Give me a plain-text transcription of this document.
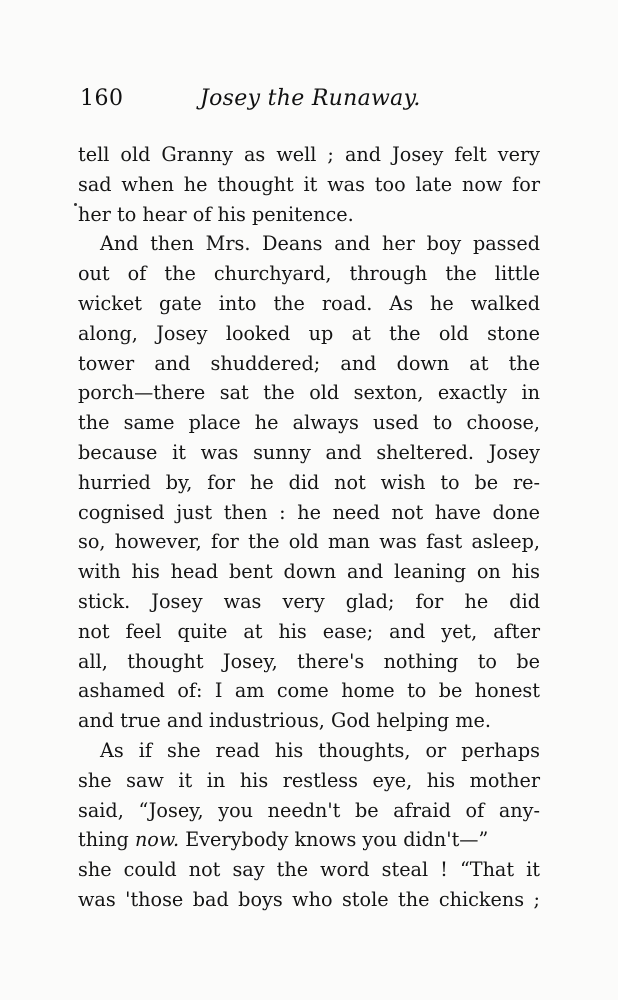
160	Josey the Runaway.
tell old Granny as well ; and Josey felt very
sad when he thought it was too late now for
her to hear of his penitence.
And then Mrs. Deans and her boy passed
out of the churchyard, through the little
wicket gate into the road. As he walked
along, Josey looked up at the old stone
tower and shuddered; and down at the
porch—there sat the old sexton, exactly in
the same place he always used to choose,
because it was sunny and sheltered. Josey
hurried by, for he did not wish to be re-
cognised just then : he need not have done
so, however, for the old man was fast asleep,
with his head bent down and leaning on his
stick. Josey was very glad; for he did
not feel quite at his ease; and yet, after
all, thought Josey, there's nothing to be
ashamed of: I am come home to be honest
and true and industrious, God helping me.
As if she read his thoughts, or perhaps
she saw it in his restless eye, his mother
said, “Josey, you needn't be afraid of any-
thing now. Everybody knows you didn't—”
she could not say the word steal ! “That it
was 'those bad boys who stole the chickens ;
